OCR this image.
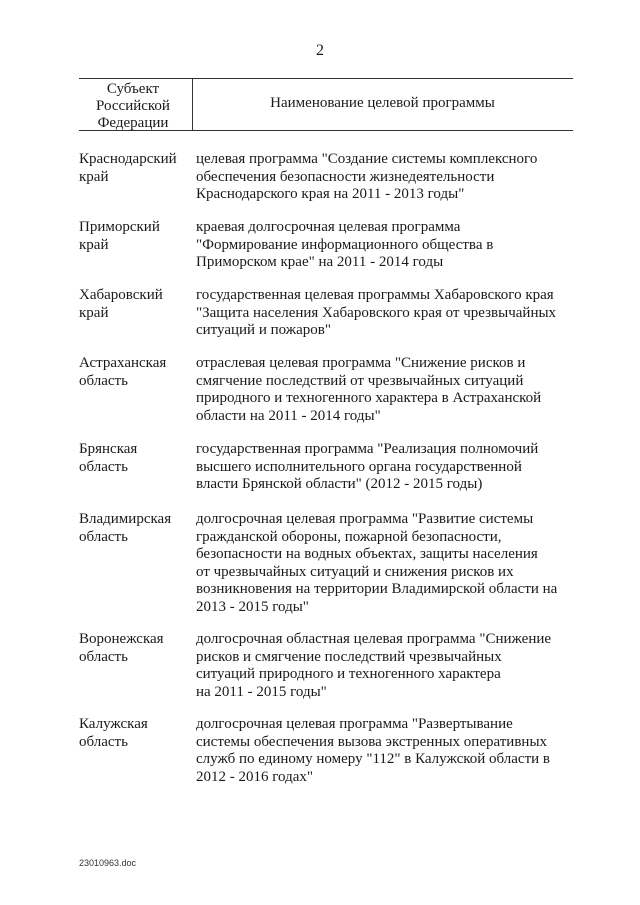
2
Субъект
Российской
Федерации
Наименование целевой программы
Краснодарский
край
целевая программа "Создание системы комплексного
обеспечения безопасности жизнедеятельности
Краснодарского края на 2011 - 2013 годы"
Приморский
край
краевая долгосрочная целевая программа
"Формирование информационного общества в
Приморском крае" на 2011 - 2014 годы
Хабаровский
край
государственная целевая программы Хабаровского края
"Защита населения Хабаровского края от чрезвычайных
ситуаций и пожаров"
Астраханская
область
отраслевая целевая программа "Снижение рисков и
смягчение последствий от чрезвычайных ситуаций
природного и техногенного характера в Астраханской
области на 2011 - 2014 годы"
Брянская
область
государственная программа "Реализация полномочий
высшего исполнительного органа государственной
власти Брянской области" (2012 - 2015 годы)
Владимирская
область
долгосрочная целевая программа "Развитие системы
гражданской обороны, пожарной безопасности,
безопасности на водных объектах, защиты населения
от чрезвычайных ситуаций и снижения рисков их
возникновения на территории Владимирской области на
2013 - 2015 годы"
Воронежская
область
долгосрочная областная целевая программа "Снижение
рисков и смягчение последствий чрезвычайных
ситуаций природного и техногенного характера
на 2011 - 2015 годы"
Калужская
область
долгосрочная целевая программа "Развертывание
системы обеспечения вызова экстренных оперативных
служб по единому номеру "112" в Калужской области в
2012 - 2016 годах"
23010963.doc
